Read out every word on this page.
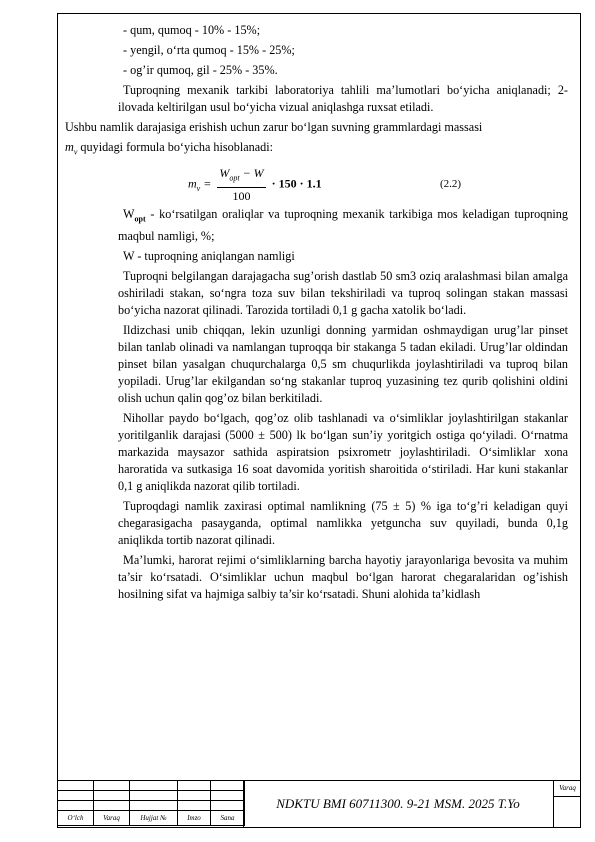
- qum, qumoq - 10% - 15%;

- yengil, o‘rta qumoq - 15% - 25%;

- og’ir qumoq, gil - 25% - 35%.

Tuproqning mexanik tarkibi laboratoriya tahlili ma’lumotlari bo‘yicha aniqlanadi; 2-ilovada keltirilgan usul bo‘yicha vizual aniqlashga ruxsat etiladi.

Ushbu namlik darajasiga erishish uchun zarur bo‘lgan suvning grammlardagi massasi

$m_v$ quyidagi formula bo‘yicha hisoblanadi:

$m_v = \frac{W_{opt} - W}{100} \cdot 150 \cdot 1.1$	(2.2)

$W_{opt}$ - ko‘rsatilgan oraliqlar va tuproqning mexanik tarkibiga mos keladigan tuproqning maqbul namligi, %;

W - tuproqning aniqlangan namligi

Tuproqni belgilangan darajagacha sug’orish dastlab 50 sm3 oziq aralashmasi bilan amalga oshiriladi stakan, so‘ngra toza suv bilan tekshiriladi va tuproq solingan stakan massasi bo‘yicha nazorat qilinadi. Tarozida tortiladi 0,1 g gacha xatolik bo‘ladi.

Ildizchasi unib chiqqan, lekin uzunligi donning yarmidan oshmaydigan urug’lar pinset bilan tanlab olinadi va namlangan tuproqqa bir stakanga 5 tadan ekiladi. Urug’lar oldindan pinset bilan yasalgan chuqurchalarga 0,5 sm chuqurlikda joylashtiriladi va tuproq bilan yopiladi. Urug’lar ekilgandan so‘ng stakanlar tuproq yuzasining tez qurib qolishini oldini olish uchun qalin qog’oz bilan berkitiladi.

Nihollar paydo bo‘lgach, qog’oz olib tashlanadi va o‘simliklar joylashtirilgan stakanlar yoritilganlik darajasi (5000 ± 500) lk bo‘lgan sun’iy yoritgich ostiga qo‘yiladi. O‘rnatma markazida maysazor sathida aspiratsion psixrometr joylashtiriladi. O‘simliklar xona haroratida va sutkasiga 16 soat davomida yoritish sharoitida o‘stiriladi. Har kuni stakanlar 0,1 g aniqlikda nazorat qilib tortiladi.

Tuproqdagi namlik zaxirasi optimal namlikning (75 ± 5) % iga to‘g’ri keladigan quyi chegarasigacha pasayganda, optimal namlikka yetguncha suv quyiladi, bunda 0,1g aniqlikda tortib nazorat qilinadi.

Ma’lumki, harorat rejimi o‘simliklarning barcha hayotiy jarayonlariga bevosita va muhim ta’sir ko‘rsatadi. O‘simliklar uchun maqbul bo‘lgan harorat chegaralaridan og’ishish hosilning sifat va hajmiga salbiy ta’sir ko‘rsatadi. Shuni alohida ta’kidlash

O‘lch	Varaq	Hujjat №	Imzo	Sana
NDKTU BMI 60711300. 9-21 MSM. 2025 T.Yo
Varaq
